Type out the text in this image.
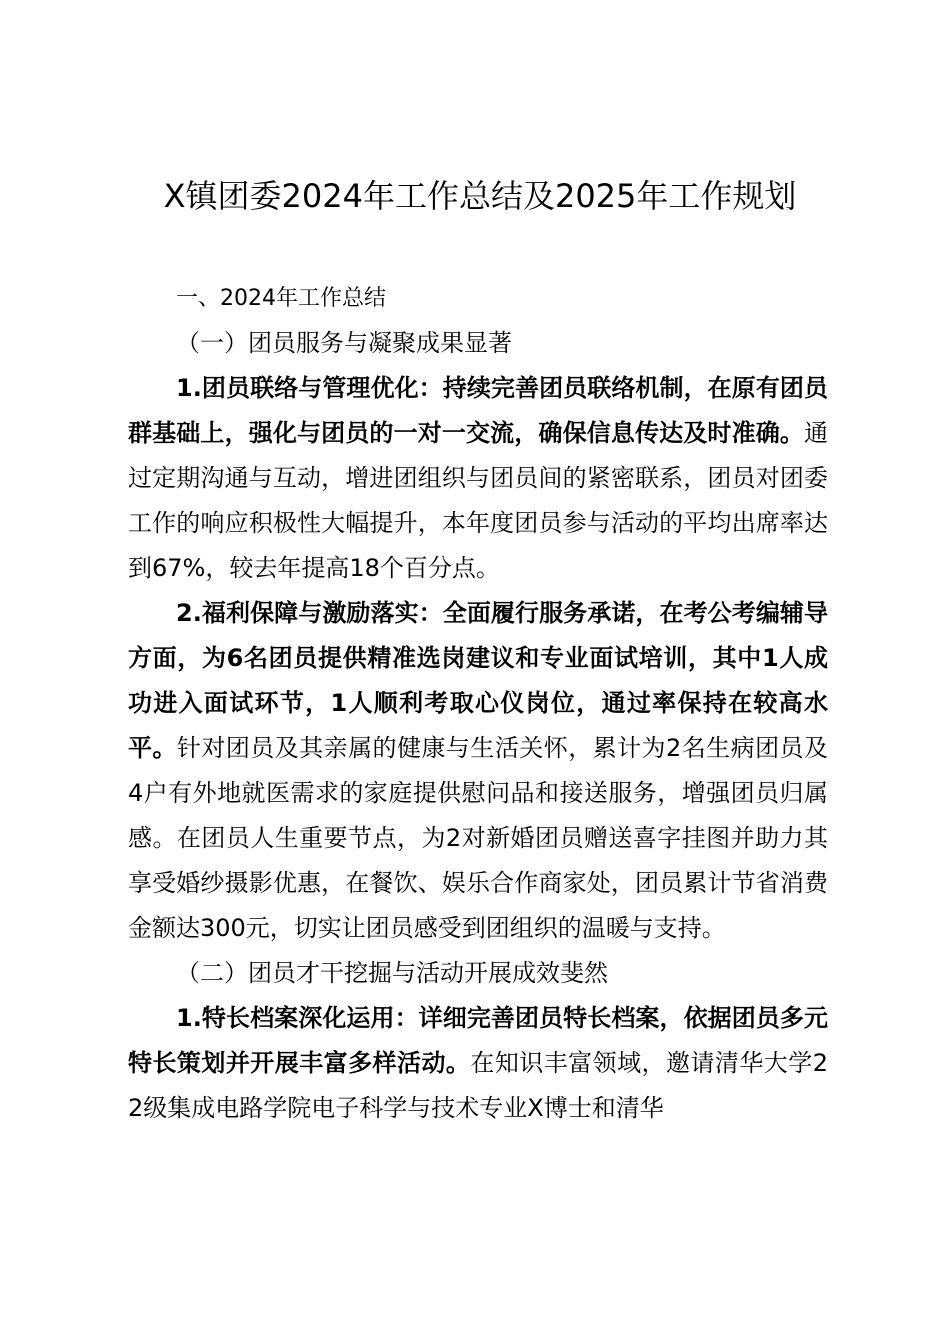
X镇团委2024年工作总结及2025年工作规划

一、2024年工作总结

（一）团员服务与凝聚成果显著

1.团员联络与管理优化：持续完善团员联络机制，在原有团员群基础上，强化与团员的一对一交流，确保信息传达及时准确。通过定期沟通与互动，增进团组织与团员间的紧密联系，团员对团委工作的响应积极性大幅提升，本年度团员参与活动的平均出席率达到67%，较去年提高18个百分点。

2.福利保障与激励落实：全面履行服务承诺，在考公考编辅导方面，为6名团员提供精准选岗建议和专业面试培训，其中1人成功进入面试环节，1人顺利考取心仪岗位，通过率保持在较高水平。针对团员及其亲属的健康与生活关怀，累计为2名生病团员及4户有外地就医需求的家庭提供慰问品和接送服务，增强团员归属感。在团员人生重要节点，为2对新婚团员赠送喜字挂图并助力其享受婚纱摄影优惠，在餐饮、娱乐合作商家处，团员累计节省消费金额达300元，切实让团员感受到团组织的温暖与支持。

（二）团员才干挖掘与活动开展成效斐然

1.特长档案深化运用：详细完善团员特长档案，依据团员多元特长策划并开展丰富多样活动。在知识丰富领域，邀请清华大学22级集成电路学院电子科学与技术专业X博士和清华
